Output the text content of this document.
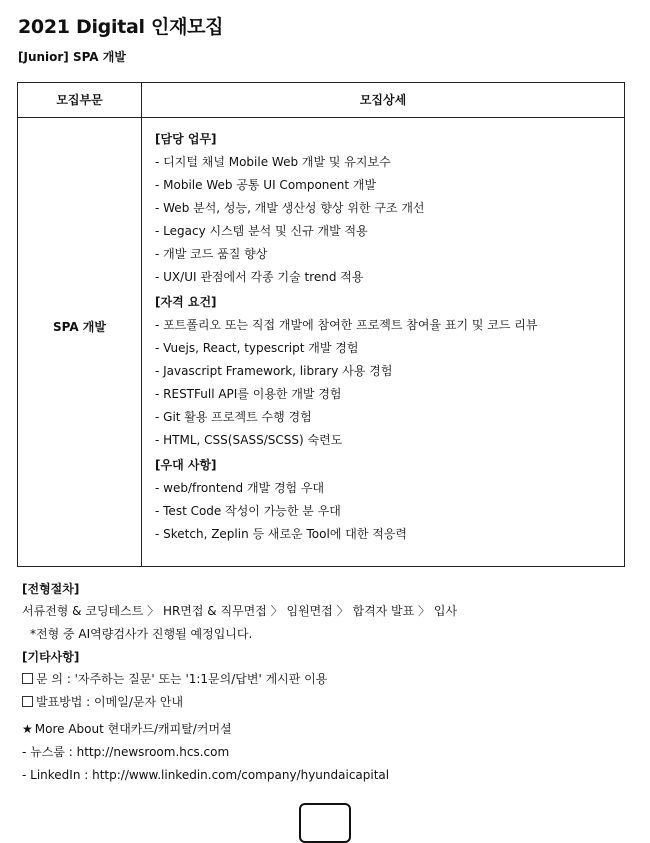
2021 Digital 인재모집
[Junior] SPA 개발
모집부문	모집상세
SPA 개발
[담당 업무]
- 디지털 채널 Mobile Web 개발 및 유지보수
- Mobile Web 공통 UI Component 개발
- Web 분석, 성능, 개발 생산성 향상 위한 구조 개선
- Legacy 시스템 분석 및 신규 개발 적용
- 개발 코드 품질 향상
- UX/UI 관점에서 각종 기술 trend 적용
[자격 요건]
- 포트폴리오 또는 직접 개발에 참여한 프로젝트 참여율 표기 및 코드 리뷰
- Vuejs, React, typescript 개발 경험
- Javascript Framework, library 사용 경험
- RESTFull API를 이용한 개발 경험
- Git 활용 프로젝트 수행 경험
- HTML, CSS(SASS/SCSS) 숙련도
[우대 사항]
- web/frontend 개발 경험 우대
- Test Code 작성이 가능한 분 우대
- Sketch, Zeplin 등 새로운 Tool에 대한 적응력
[전형절차]
서류전형 & 코딩테스트 〉 HR면접 & 직무면접 〉 임원면접 〉 합격자 발표 〉 입사
*전형 중 AI역량검사가 진행될 예정입니다.
[기타사항]
문 의 : '자주하는 질문' 또는 '1:1문의/답변' 게시판 이용
발표방법 : 이메일/문자 안내
★ More About 현대카드/캐피탈/커머셜
- 뉴스룸 : http://newsroom.hcs.com
- LinkedIn : http://www.linkedin.com/company/hyundaicapital
